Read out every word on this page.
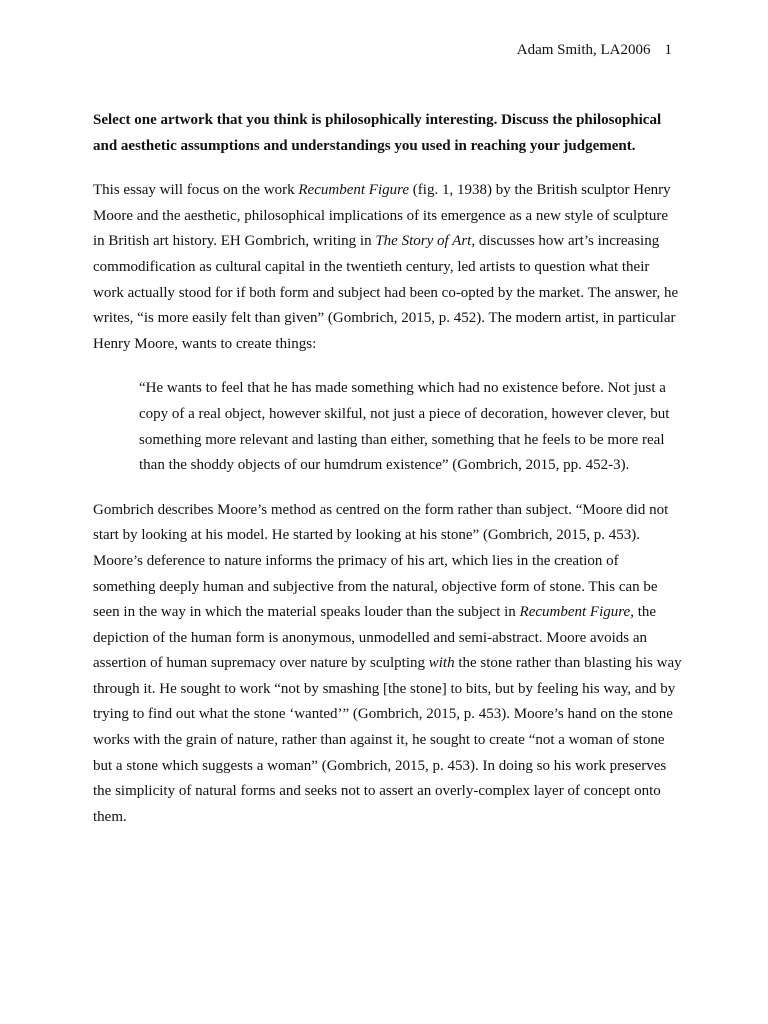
Adam Smith, LA2006 1

Select one artwork that you think is philosophically interesting. Discuss the philosophical and aesthetic assumptions and understandings you used in reaching your judgement.

This essay will focus on the work Recumbent Figure (fig. 1, 1938) by the British sculptor Henry Moore and the aesthetic, philosophical implications of its emergence as a new style of sculpture in British art history. EH Gombrich, writing in The Story of Art, discusses how art’s increasing commodification as cultural capital in the twentieth century, led artists to question what their work actually stood for if both form and subject had been co-opted by the market. The answer, he writes, “is more easily felt than given” (Gombrich, 2015, p. 452). The modern artist, in particular Henry Moore, wants to create things:

“He wants to feel that he has made something which had no existence before. Not just a copy of a real object, however skilful, not just a piece of decoration, however clever, but something more relevant and lasting than either, something that he feels to be more real than the shoddy objects of our humdrum existence” (Gombrich, 2015, pp. 452-3).

Gombrich describes Moore’s method as centred on the form rather than subject. “Moore did not start by looking at his model. He started by looking at his stone” (Gombrich, 2015, p. 453). Moore’s deference to nature informs the primacy of his art, which lies in the creation of something deeply human and subjective from the natural, objective form of stone. This can be seen in the way in which the material speaks louder than the subject in Recumbent Figure, the depiction of the human form is anonymous, unmodelled and semi-abstract. Moore avoids an assertion of human supremacy over nature by sculpting with the stone rather than blasting his way through it. He sought to work “not by smashing [the stone] to bits, but by feeling his way, and by trying to find out what the stone ‘wanted’” (Gombrich, 2015, p. 453). Moore’s hand on the stone works with the grain of nature, rather than against it, he sought to create “not a woman of stone but a stone which suggests a woman” (Gombrich, 2015, p. 453). In doing so his work preserves the simplicity of natural forms and seeks not to assert an overly-complex layer of concept onto them.
